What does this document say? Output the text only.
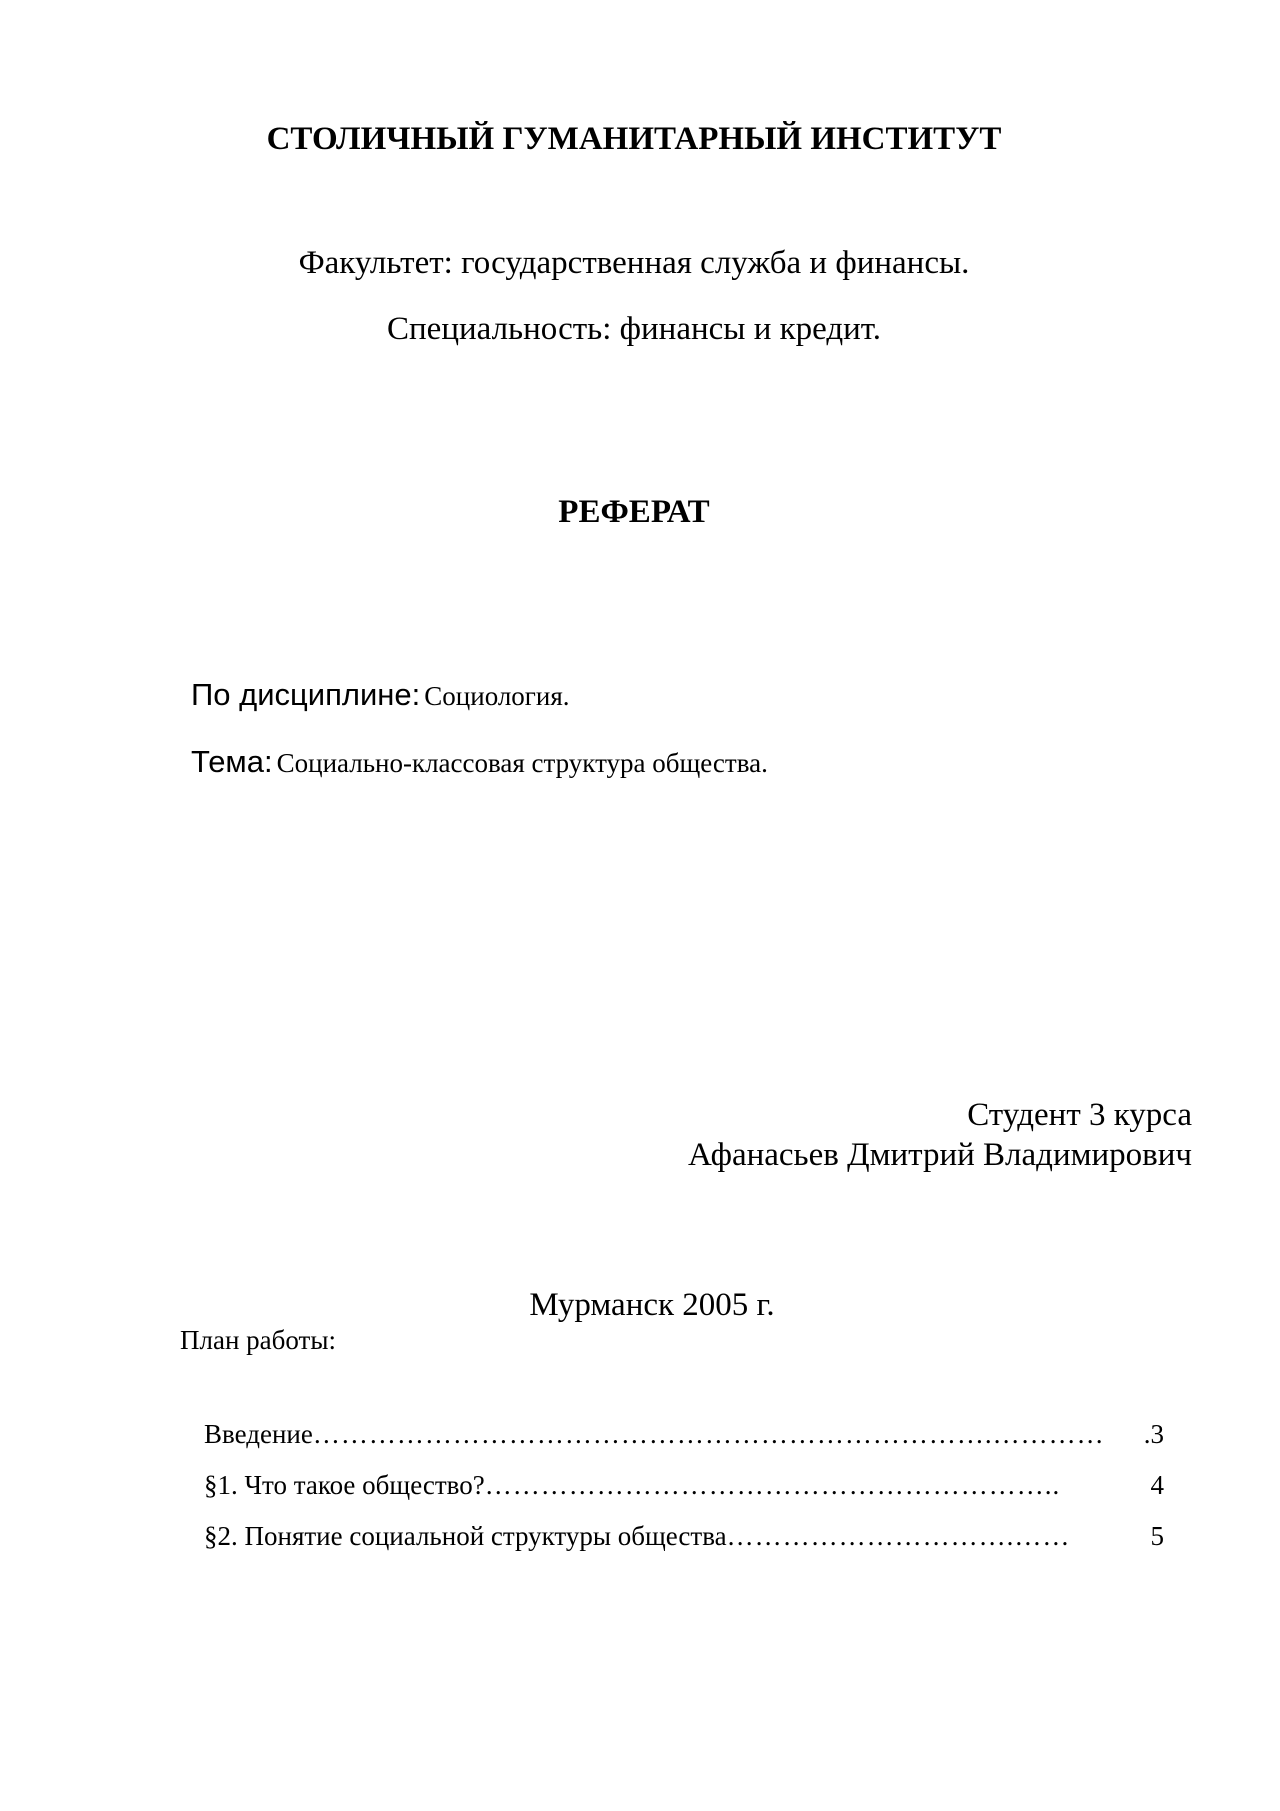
СТОЛИЧНЫЙ ГУМАНИТАРНЫЙ ИНСТИТУТ
Факультет: государственная служба и финансы.
Специальность: финансы и кредит.
РЕФЕРАТ
По дисциплине: Социология.
Тема: Социально-классовая структура общества.
Студент 3 курса
Афанасьев Дмитрий Владимирович
Мурманск 2005 г.
План работы:
Введение ……………………………………………………………….…………	.3
§1. Что такое общество? ……………………………………………………..	4
§2. Понятие социальной структуры общества ………………………….……	5
